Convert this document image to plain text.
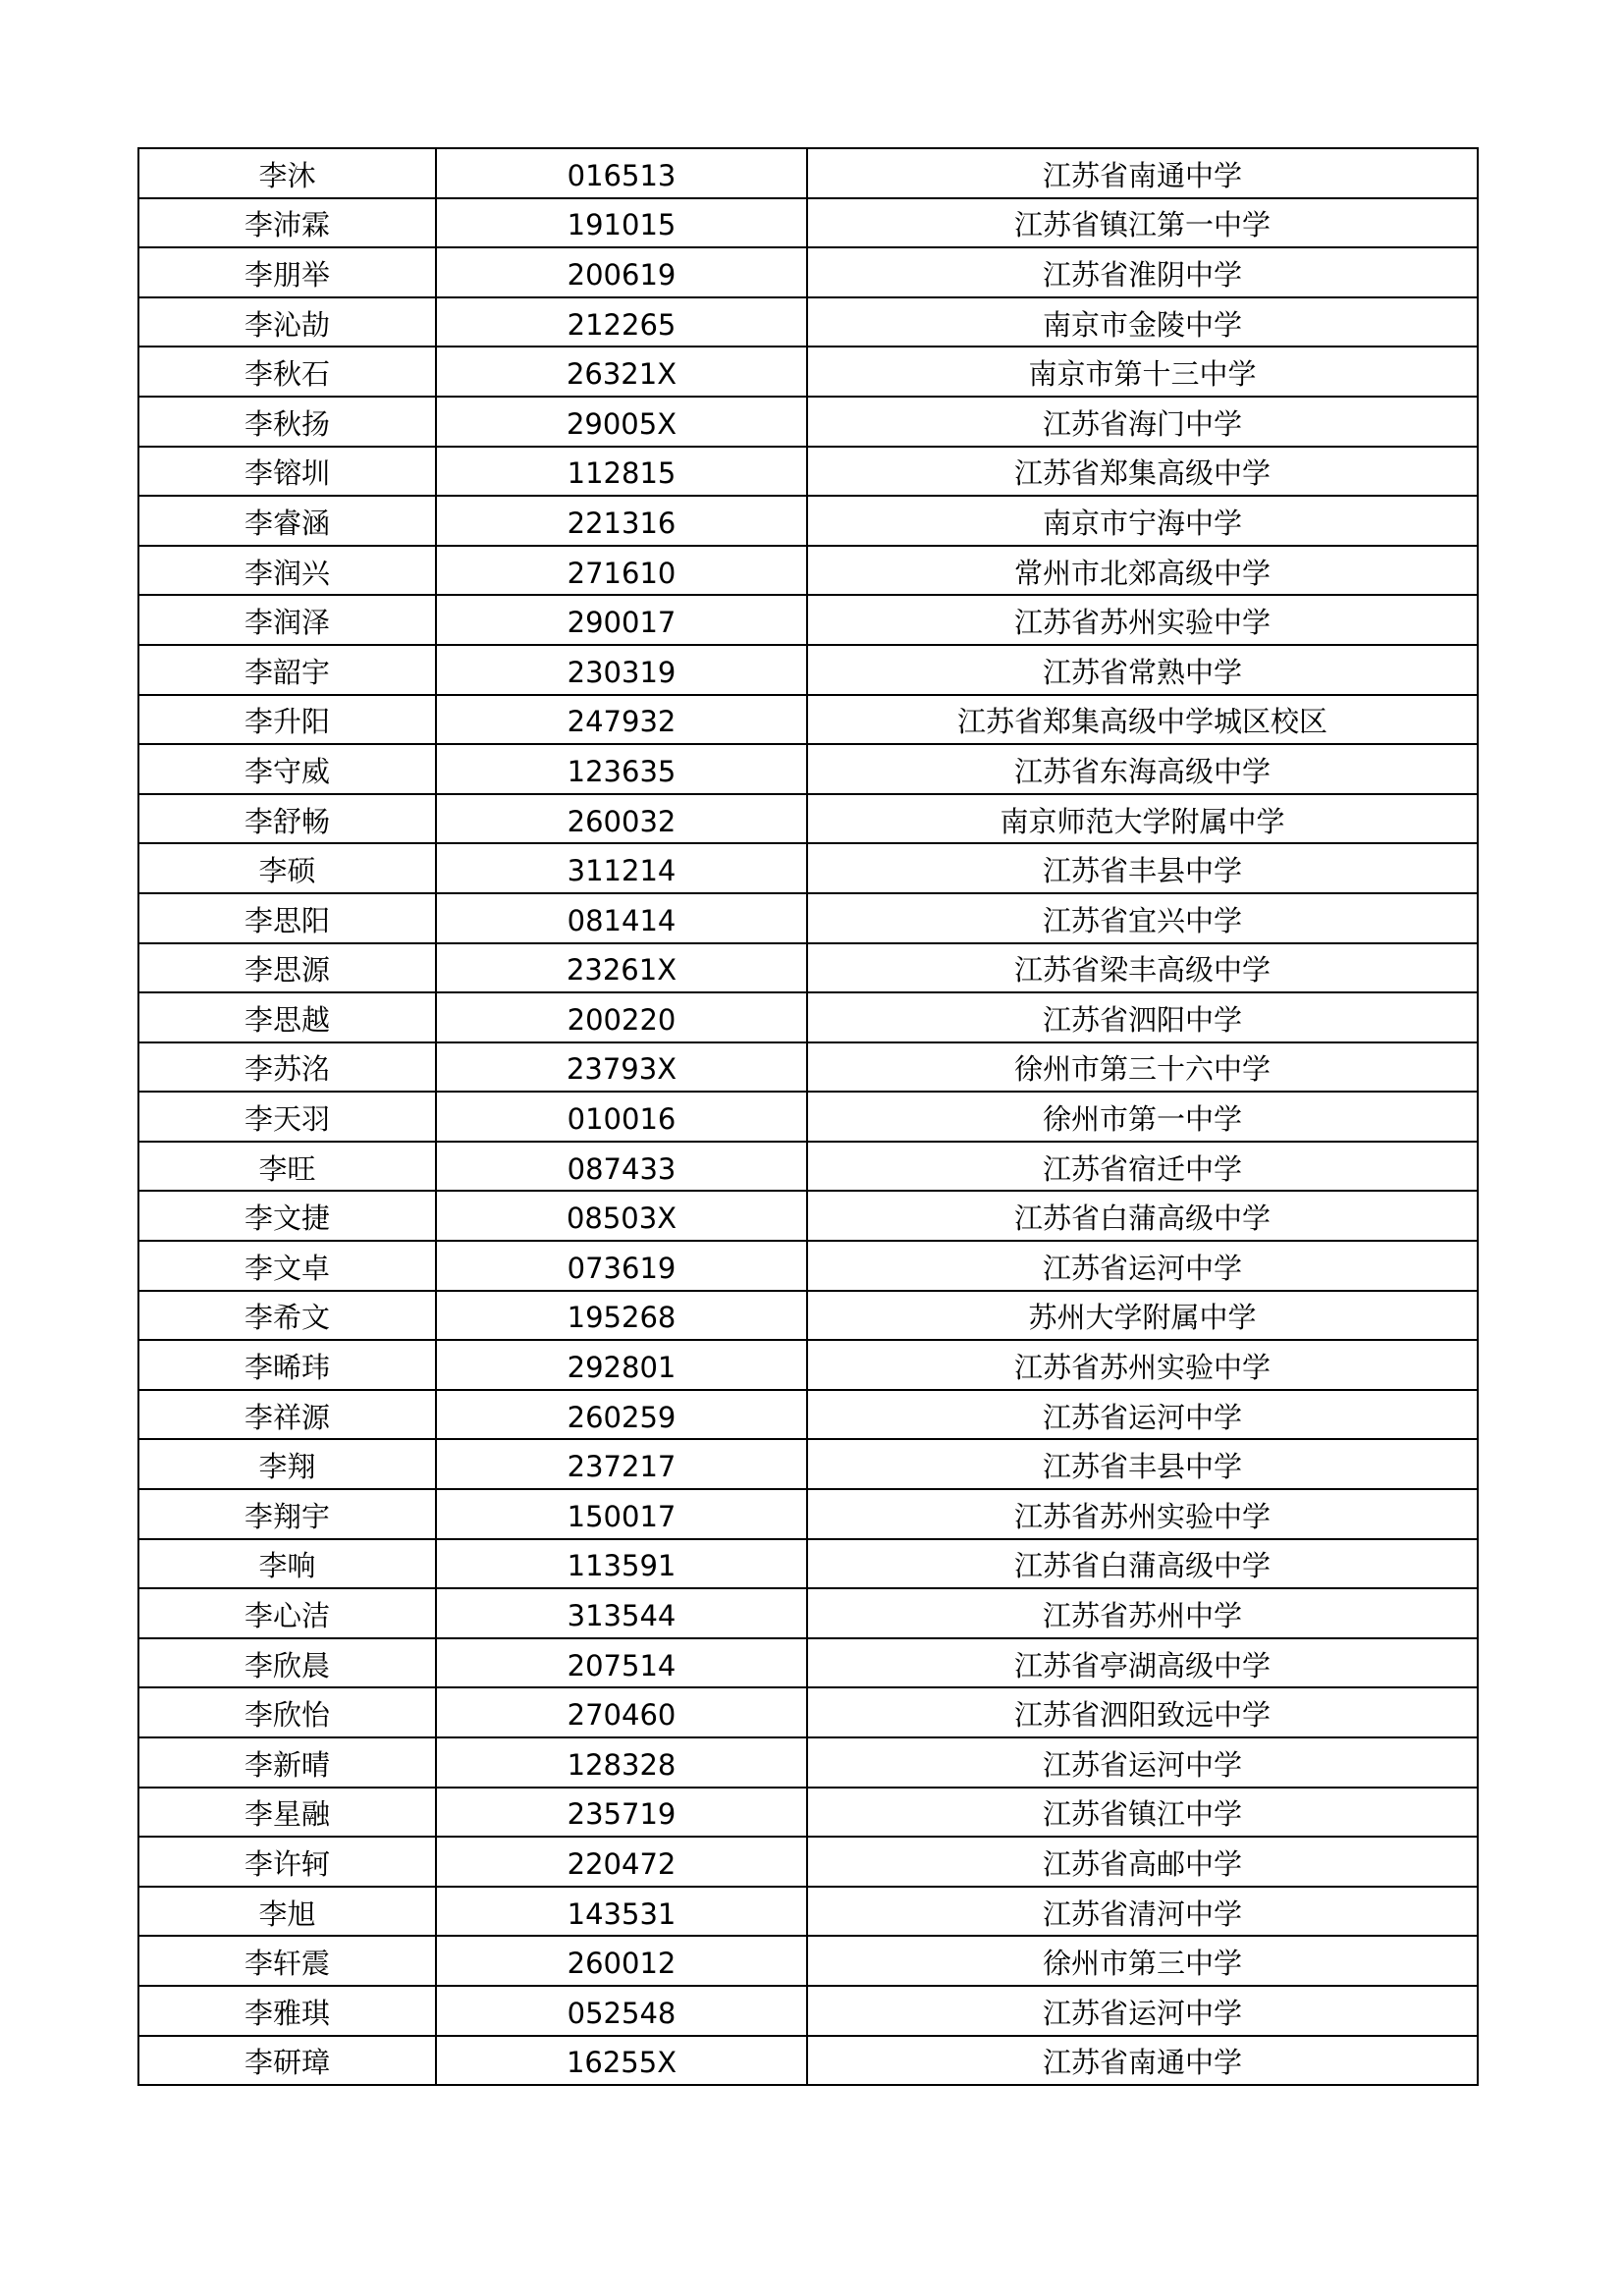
李沐	016513	江苏省南通中学
李沛霖	191015	江苏省镇江第一中学
李朋举	200619	江苏省淮阴中学
李沁劼	212265	南京市金陵中学
李秋石	26321X	南京市第十三中学
李秋扬	29005X	江苏省海门中学
李镕圳	112815	江苏省郑集高级中学
李睿涵	221316	南京市宁海中学
李润兴	271610	常州市北郊高级中学
李润泽	290017	江苏省苏州实验中学
李韶宇	230319	江苏省常熟中学
李升阳	247932	江苏省郑集高级中学城区校区
李守威	123635	江苏省东海高级中学
李舒畅	260032	南京师范大学附属中学
李硕	311214	江苏省丰县中学
李思阳	081414	江苏省宜兴中学
李思源	23261X	江苏省梁丰高级中学
李思越	200220	江苏省泗阳中学
李苏洺	23793X	徐州市第三十六中学
李天羽	010016	徐州市第一中学
李旺	087433	江苏省宿迁中学
李文捷	08503X	江苏省白蒲高级中学
李文卓	073619	江苏省运河中学
李希文	195268	苏州大学附属中学
李晞玮	292801	江苏省苏州实验中学
李祥源	260259	江苏省运河中学
李翔	237217	江苏省丰县中学
李翔宇	150017	江苏省苏州实验中学
李响	113591	江苏省白蒲高级中学
李心洁	313544	江苏省苏州中学
李欣晨	207514	江苏省亭湖高级中学
李欣怡	270460	江苏省泗阳致远中学
李新晴	128328	江苏省运河中学
李星融	235719	江苏省镇江中学
李许轲	220472	江苏省高邮中学
李旭	143531	江苏省清河中学
李轩震	260012	徐州市第三中学
李雅琪	052548	江苏省运河中学
李研璋	16255X	江苏省南通中学
